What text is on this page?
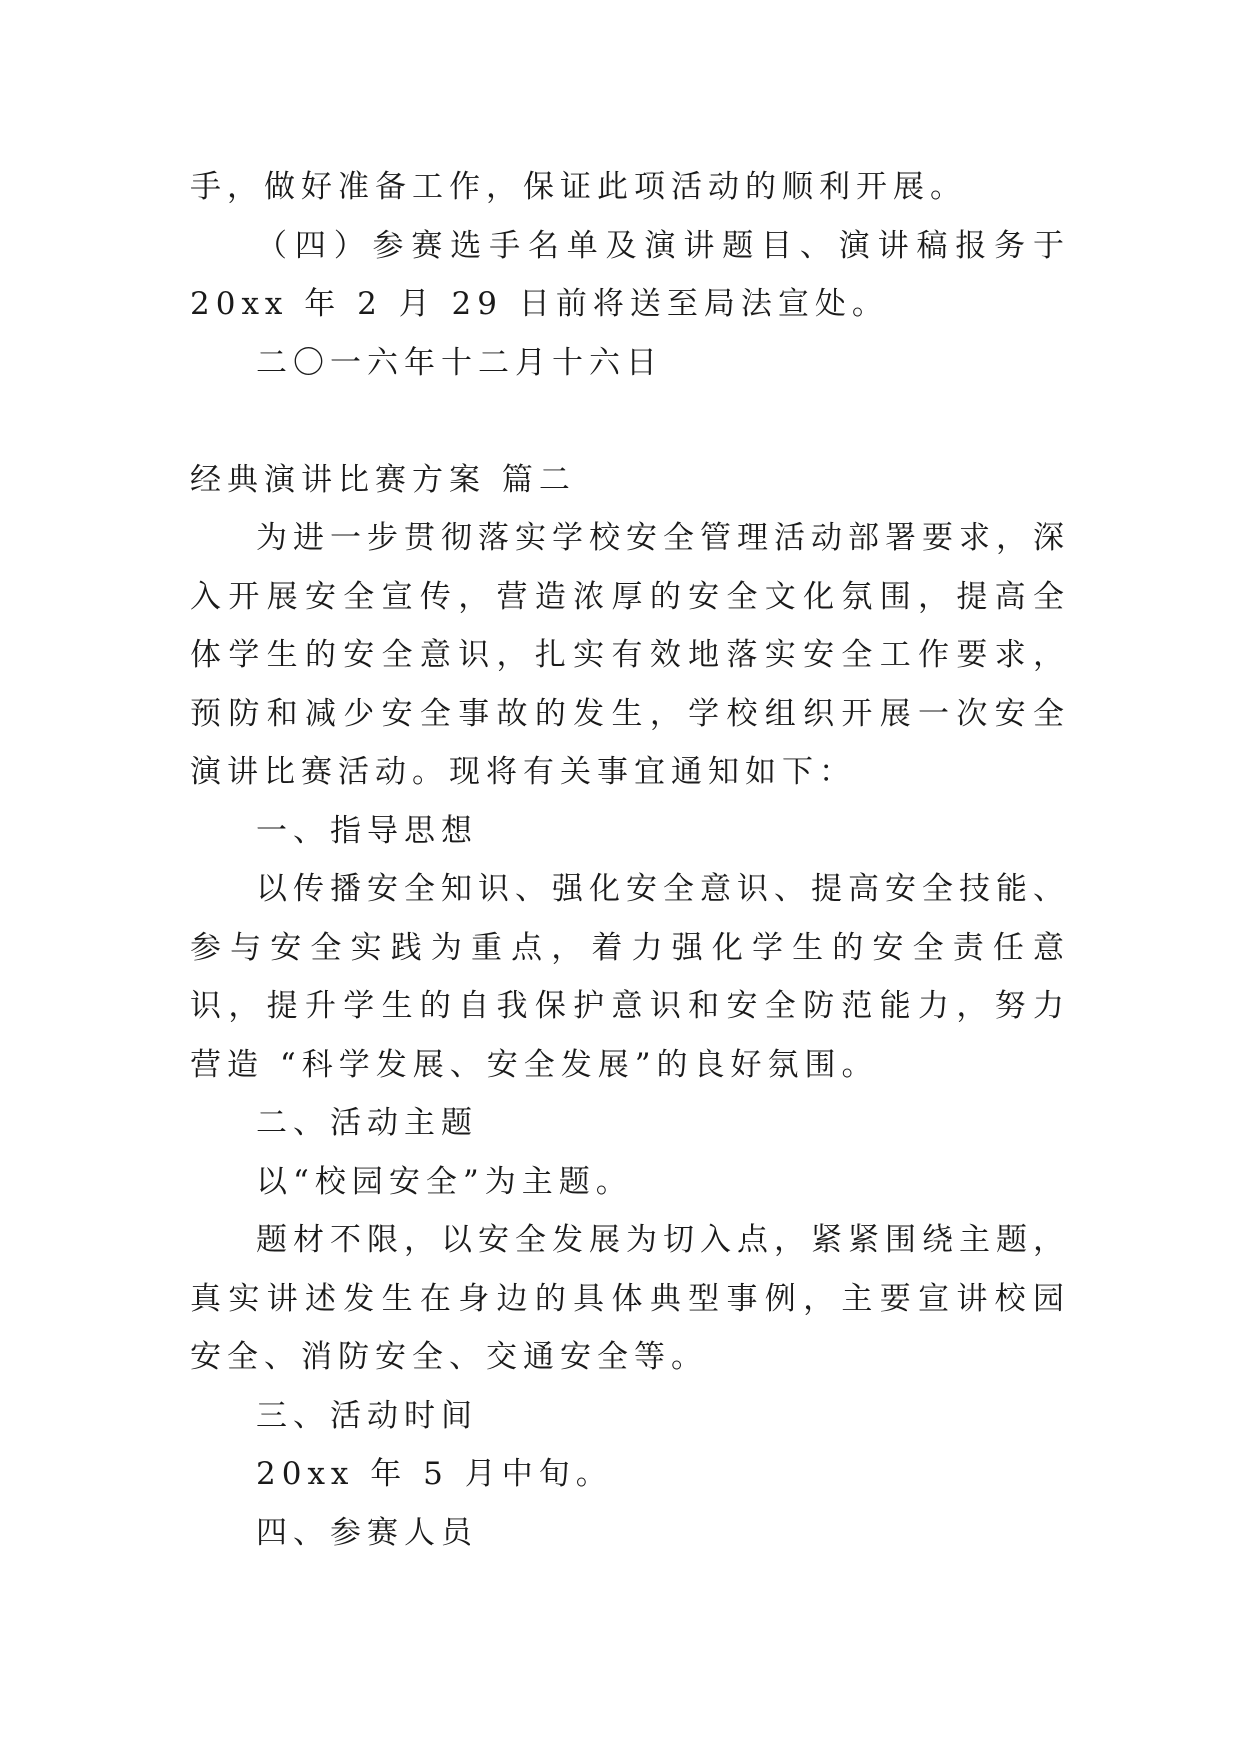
手，做好准备工作，保证此项活动的顺利开展。

（四）参赛选手名单及演讲题目、演讲稿报务于 20xx 年 2 月 29 日前将送至局法宣处。

二〇一六年十二月十六日

经典演讲比赛方案 篇二

为进一步贯彻落实学校安全管理活动部署要求，深入开展安全宣传，营造浓厚的安全文化氛围，提高全体学生的安全意识，扎实有效地落实安全工作要求，预防和减少安全事故的发生，学校组织开展一次安全演讲比赛活动。现将有关事宜通知如下：

一、指导思想

以传播安全知识、强化安全意识、提高安全技能、参与安全实践为重点，着力强化学生的安全责任意识，提升学生的自我保护意识和安全防范能力，努力营造 “科学发展、安全发展”的良好氛围。

二、活动主题

以“校园安全”为主题。

题材不限，以安全发展为切入点，紧紧围绕主题，真实讲述发生在身边的具体典型事例，主要宣讲校园安全、消防安全、交通安全等。

三、活动时间

20xx 年 5 月中旬。

四、参赛人员
